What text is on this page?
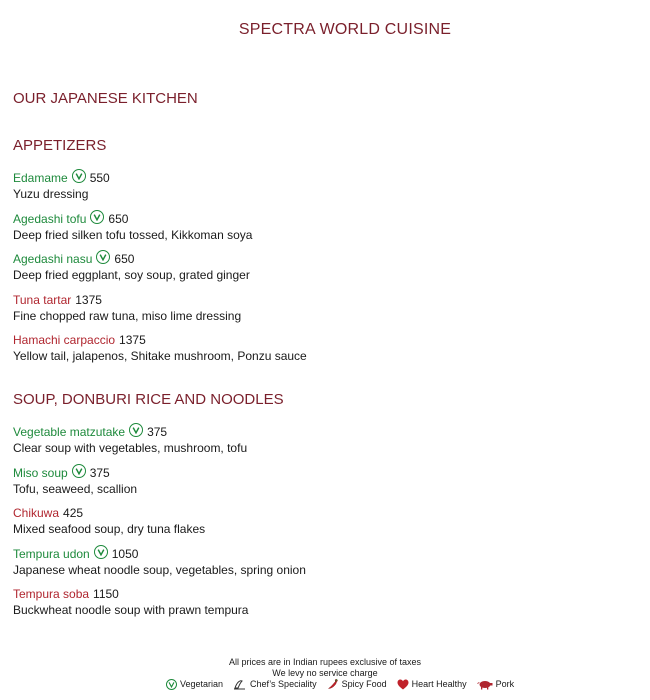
SPECTRA WORLD CUISINE
OUR JAPANESE KITCHEN
APPETIZERS
Edamame 550
Yuzu dressing
Agedashi tofu 650
Deep fried silken tofu tossed, Kikkoman soya
Agedashi nasu 650
Deep fried eggplant, soy soup, grated ginger
Tuna tartar 1375
Fine chopped raw tuna, miso lime dressing
Hamachi carpaccio 1375
Yellow tail, jalapenos, Shitake mushroom, Ponzu sauce
SOUP, DONBURI RICE AND NOODLES
Vegetable matzutake 375
Clear soup with vegetables, mushroom, tofu
Miso soup 375
Tofu, seaweed, scallion
Chikuwa 425
Mixed seafood soup, dry tuna flakes
Tempura udon 1050
Japanese wheat noodle soup, vegetables, spring onion
Tempura soba 1150
Buckwheat noodle soup with prawn tempura
All prices are in Indian rupees exclusive of taxes
We levy no service charge
Vegetarian	Chef’s Speciality	Spicy Food	Heart Healthy	Pork
